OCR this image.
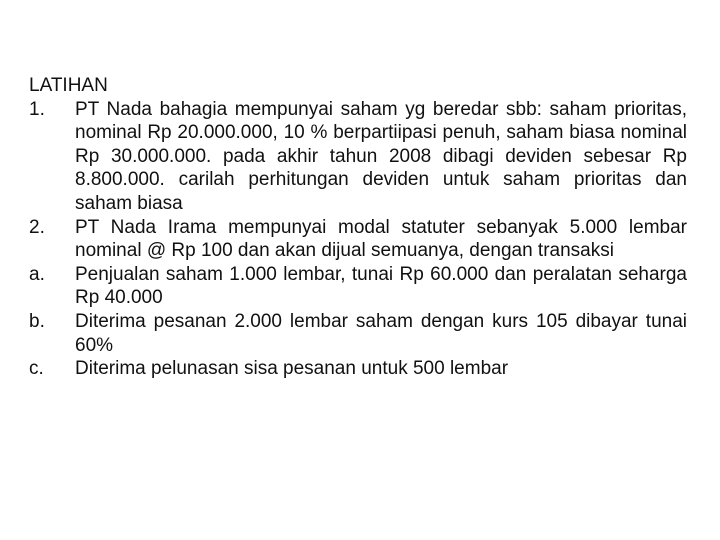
LATIHAN
1.	PT Nada bahagia mempunyai saham yg beredar sbb: saham prioritas, nominal Rp 20.000.000, 10 % berpartiipasi penuh, saham biasa nominal Rp 30.000.000. pada akhir tahun 2008 dibagi deviden sebesar Rp 8.800.000. carilah perhitungan deviden untuk saham prioritas dan saham biasa
2.	PT Nada Irama mempunyai modal statuter sebanyak 5.000 lembar nominal @ Rp 100 dan akan dijual semuanya, dengan transaksi
a.	Penjualan saham 1.000 lembar, tunai Rp 60.000 dan peralatan seharga Rp 40.000
b.	Diterima pesanan 2.000 lembar saham dengan kurs 105 dibayar tunai 60%
c.	Diterima pelunasan sisa pesanan untuk 500 lembar
